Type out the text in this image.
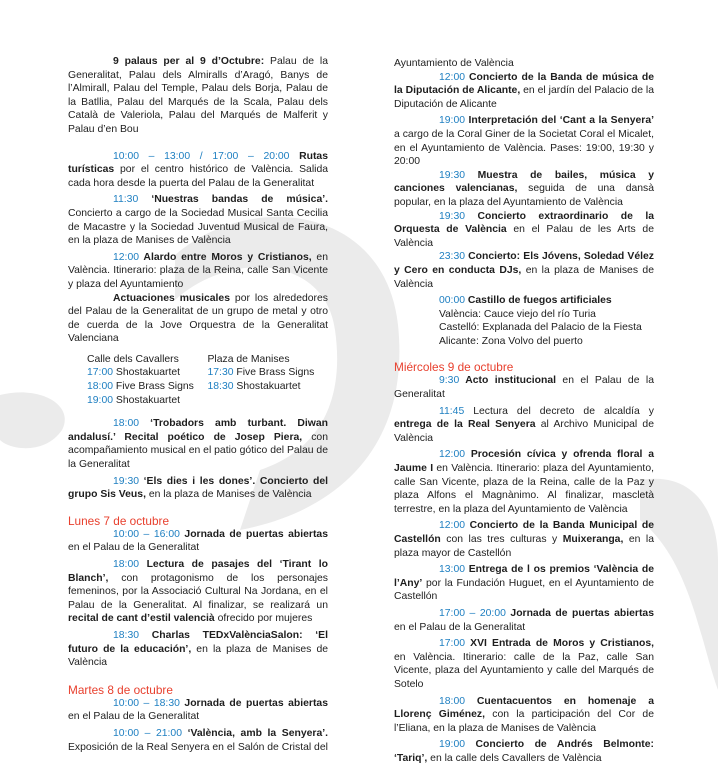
9 palaus per al 9 d’Octubre: Palau de la Generalitat, Palau dels Almiralls d’Aragó, Banys de l’Almirall, Palau del Temple, Palau dels Borja, Palau de la Batllia, Palau del Marqués de la Scala, Palau dels Català de Valeriola, Palau del Marqués de Malferit y Palau d’en Bou

10:00 – 13:00 / 17:00 – 20:00 Rutas turísticas por el centro histórico de València. Salida cada hora desde la puerta del Palau de la Generalitat

11:30 ‘Nuestras bandas de música’. Concierto a cargo de la Sociedad Musical Santa Cecilia de Macastre y la Sociedad Juventud Musical de Faura, en la plaza de Manises de València

12:00 Alardo entre Moros y Cristianos, en València. Itinerario: plaza de la Reina, calle San Vicente y plaza del Ayuntamiento

Actuaciones musicales por los alrededores del Palau de la Generalitat de un grupo de metal y otro de cuerda de la Jove Orquestra de la Generalitat Valenciana

Calle dels Cavallers

17:00 Shostakuartet

18:00 Five Brass Signs

19:00 Shostakuartet

Plaza de Manises

17:30 Five Brass Signs

18:30 Shostakuartet

18:00 ‘Trobadors amb turbant. Diwan andalusí.’ Recital poético de Josep Piera, con acompañamiento musical en el patio gótico del Palau de la Generalitat

19:30 ‘Els dies i les dones’. Concierto del grupo Sis Veus, en la plaza de Manises de València

Lunes 7 de octubre

10:00 – 16:00 Jornada de puertas abiertas en el Palau de la Generalitat

18:00 Lectura de pasajes del ‘Tirant lo Blanch’, con protagonismo de los personajes femeninos, por la Associació Cultural Na Jordana, en el Palau de la Generalitat. Al finalizar, se realizará un recital de cant d’estil valencià ofrecido por mujeres

18:30 Charlas TEDxValènciaSalon: ‘El futuro de la educación’, en la plaza de Manises de València

Martes 8 de octubre

10:00 – 18:30 Jornada de puertas abiertas en el Palau de la Generalitat

10:00 – 21:00 ‘València, amb la Senyera’. Exposición de la Real Senyera en el Salón de Cristal del

Ayuntamiento de València

12:00 Concierto de la Banda de música de la Diputación de Alicante, en el jardín del Palacio de la Diputación de Alicante

19:00 Interpretación del ‘Cant a la Senyera’ a cargo de la Coral Giner de la Societat Coral el Micalet, en el Ayuntamiento de València. Pases: 19:00, 19:30 y 20:00

19:30 Muestra de bailes, música y canciones valencianas, seguida de una dansà popular, en la plaza del Ayuntamiento de València

19:30 Concierto extraordinario de la Orquesta de València en el Palau de les Arts de València

23:30 Concierto: Els Jóvens, Soledad Vélez y Cero en conducta DJs, en la plaza de Manises de València

00:00 Castillo de fuegos artificiales

València: Cauce viejo del río Turia

Castelló: Explanada del Palacio de la Fiesta

Alicante: Zona Volvo del puerto

Miércoles 9 de octubre

9:30 Acto institucional en el Palau de la Generalitat

11:45 Lectura del decreto de alcaldía y entrega de la Real Senyera al Archivo Municipal de València

12:00 Procesión cívica y ofrenda floral a Jaume I en València. Itinerario: plaza del Ayuntamiento, calle San Vicente, plaza de la Reina, calle de la Paz y plaza Alfons el Magnànimo. Al finalizar, mascletà terrestre, en la plaza del Ayuntamiento de València

12:00 Concierto de la Banda Municipal de Castellón con las tres culturas y Muixeranga, en la plaza mayor de Castellón

13:00 Entrega de l os premios ‘València de l’Any’ por la Fundación Huguet, en el Ayuntamiento de Castellón

17:00 – 20:00 Jornada de puertas abiertas en el Palau de la Generalitat

17:00 XVI Entrada de Moros y Cristianos, en València. Itinerario: calle de la Paz, calle San Vicente, plaza del Ayuntamiento y calle del Marqués de Sotelo

18:00 Cuentacuentos en homenaje a Llorenç Giménez, con la participación del Cor de l’Eliana, en la plaza de Manises de València

19:00 Concierto de Andrés Belmonte: ‘Tariq’, en la calle dels Cavallers de València
